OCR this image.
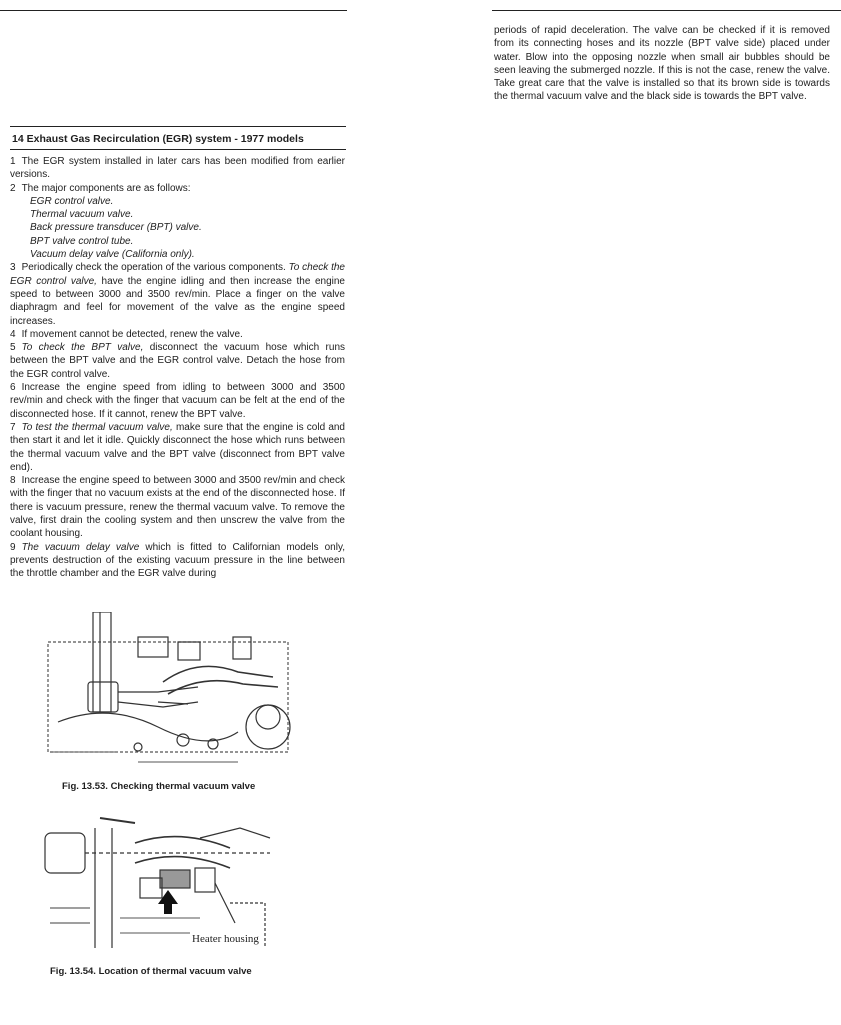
periods of rapid deceleration. The valve can be checked if it is removed from its connecting hoses and its nozzle (BPT valve side) placed under water. Blow into the opposing nozzle when small air bubbles should be seen leaving the submerged nozzle. If this is not the case, renew the valve. Take great care that the valve is installed so that its brown side is towards the thermal vacuum valve and the black side is towards the BPT valve.

14 Exhaust Gas Recirculation (EGR) system - 1977 models

1 The EGR system installed in later cars has been modified from earlier versions.

2 The major components are as follows:

EGR control valve.
Thermal vacuum valve.
Back pressure transducer (BPT) valve.
BPT valve control tube.
Vacuum delay valve (California only).

3 Periodically check the operation of the various components. To check the EGR control valve, have the engine idling and then increase the engine speed to between 3000 and 3500 rev/min. Place a finger on the valve diaphragm and feel for movement of the valve as the engine speed increases.

4 If movement cannot be detected, renew the valve.

5 To check the BPT valve, disconnect the vacuum hose which runs between the BPT valve and the EGR control valve. Detach the hose from the EGR control valve.

6 Increase the engine speed from idling to between 3000 and 3500 rev/min and check with the finger that vacuum can be felt at the end of the disconnected hose. If it cannot, renew the BPT valve.

7 To test the thermal vacuum valve, make sure that the engine is cold and then start it and let it idle. Quickly disconnect the hose which runs between the thermal vacuum valve and the BPT valve (disconnect from BPT valve end).

8 Increase the engine speed to between 3000 and 3500 rev/min and check with the finger that no vacuum exists at the end of the disconnected hose. If there is vacuum pressure, renew the thermal vacuum valve. To remove the valve, first drain the cooling system and then unscrew the valve from the coolant housing.

9 The vacuum delay valve which is fitted to Californian models only, prevents destruction of the existing vacuum pressure in the line between the throttle chamber and the EGR valve during

Fig. 13.53. Checking thermal vacuum valve
Heater housing
Fig. 13.54. Location of thermal vacuum valve
